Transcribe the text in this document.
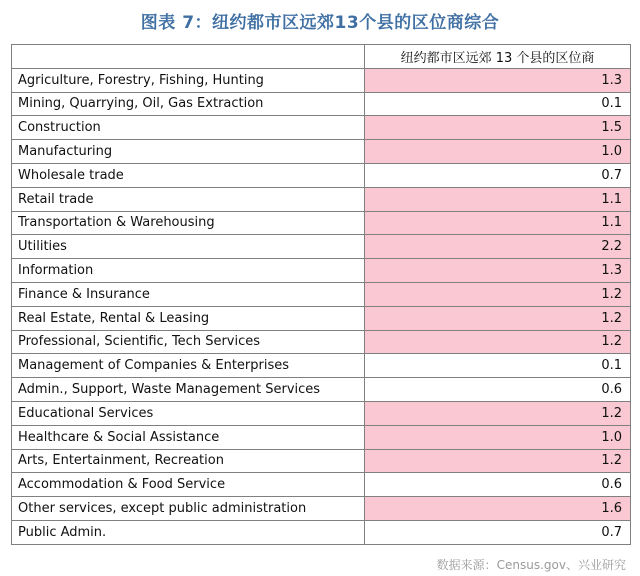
图表 7：纽约都市区远郊13个县的区位商综合
	纽约都市区远郊 13 个县的区位商
Agriculture, Forestry, Fishing, Hunting	1.3
Mining, Quarrying, Oil, Gas Extraction	0.1
Construction	1.5
Manufacturing	1.0
Wholesale trade	0.7
Retail trade	1.1
Transportation & Warehousing	1.1
Utilities	2.2
Information	1.3
Finance & Insurance	1.2
Real Estate, Rental & Leasing	1.2
Professional, Scientific, Tech Services	1.2
Management of Companies & Enterprises	0.1
Admin., Support, Waste Management Services	0.6
Educational Services	1.2
Healthcare & Social Assistance	1.0
Arts, Entertainment, Recreation	1.2
Accommodation & Food Service	0.6
Other services, except public administration	1.6
Public Admin.	0.7
数据来源：Census.gov、兴业研究
